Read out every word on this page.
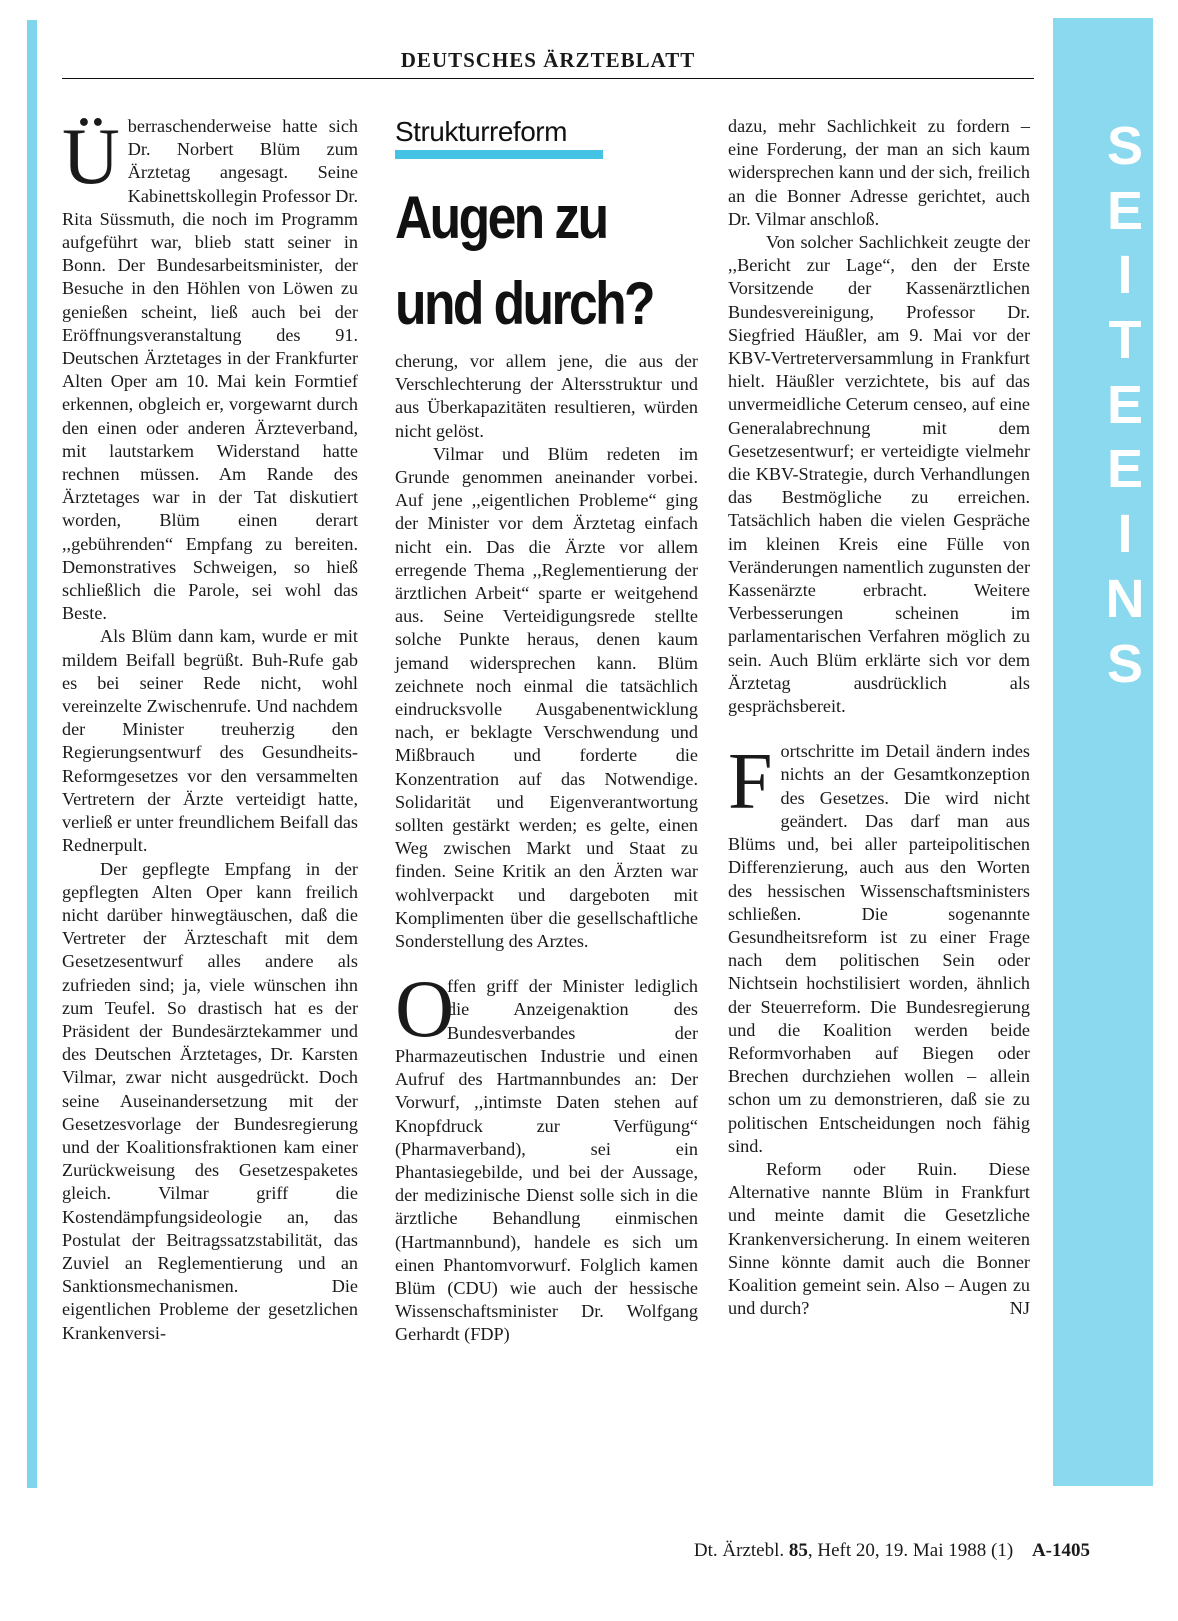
S
E
I
T
E
E
I
N
S
DEUTSCHES ÄRZTEBLATT
Strukturreform
Augen zu
und durch?

Überraschenderweise hatte sich Dr. Norbert Blüm zum Ärztetag angesagt. Seine Kabinettskollegin Professor Dr. Rita Süssmuth, die noch im Programm aufgeführt war, blieb statt seiner in Bonn. Der Bundesarbeitsminister, der Besuche in den Höhlen von Löwen zu genießen scheint, ließ auch bei der Eröffnungsveranstaltung des 91. Deutschen Ärztetages in der Frankfurter Alten Oper am 10. Mai kein Formtief erkennen, obgleich er, vorgewarnt durch den einen oder anderen Ärzteverband, mit lautstarkem Widerstand hatte rechnen müssen. Am Rande des Ärztetages war in der Tat diskutiert worden, Blüm einen derart ,,gebührenden“ Empfang zu bereiten. Demonstratives Schweigen, so hieß schließlich die Parole, sei wohl das Beste.

Als Blüm dann kam, wurde er mit mildem Beifall begrüßt. Buh-Rufe gab es bei seiner Rede nicht, wohl vereinzelte Zwischenrufe. Und nachdem der Minister treuherzig den Regierungsentwurf des Gesundheits-Reformgesetzes vor den versammelten Vertretern der Ärzte verteidigt hatte, verließ er unter freundlichem Beifall das Rednerpult.

Der gepflegte Empfang in der gepflegten Alten Oper kann freilich nicht darüber hinwegtäuschen, daß die Vertreter der Ärzteschaft mit dem Gesetzesentwurf alles andere als zufrieden sind; ja, viele wünschen ihn zum Teufel. So drastisch hat es der Präsident der Bundesärztekammer und des Deutschen Ärztetages, Dr. Karsten Vilmar, zwar nicht ausgedrückt. Doch seine Auseinandersetzung mit der Gesetzesvorlage der Bundesregierung und der Koalitionsfraktionen kam einer Zurückweisung des Gesetzespaketes gleich. Vilmar griff die Kostendämpfungsideologie an, das Postulat der Beitragssatzstabilität, das Zuviel an Reglementierung und an Sanktionsmechanismen. Die eigentlichen Probleme der gesetzlichen Krankenversi-

cherung, vor allem jene, die aus der Verschlechterung der Altersstruktur und aus Überkapazitäten resultieren, würden nicht gelöst.

Vilmar und Blüm redeten im Grunde genommen aneinander vorbei. Auf jene ,,eigentlichen Probleme“ ging der Minister vor dem Ärztetag einfach nicht ein. Das die Ärzte vor allem erregende Thema ,,Reglementierung der ärztlichen Arbeit“ sparte er weitgehend aus. Seine Verteidigungsrede stellte solche Punkte heraus, denen kaum jemand widersprechen kann. Blüm zeichnete noch einmal die tatsächlich eindrucksvolle Ausgabenentwicklung nach, er beklagte Verschwendung und Mißbrauch und forderte die Konzentration auf das Notwendige. Solidarität und Eigenverantwortung sollten gestärkt werden; es gelte, einen Weg zwischen Markt und Staat zu finden. Seine Kritik an den Ärzten war wohlverpackt und dargeboten mit Komplimenten über die gesellschaftliche Sonderstellung des Arztes.

O
ffen griff der Minister lediglich die Anzeigenaktion des Bundesverbandes der Pharmazeutischen Industrie und einen Aufruf des Hartmannbundes an: Der Vorwurf, ,,intimste Daten stehen auf Knopfdruck zur Verfügung“ (Pharmaverband), sei ein Phantasiegebilde, und bei der Aussage, der medizinische Dienst solle sich in die ärztliche Behandlung einmischen (Hartmannbund), handele es sich um einen Phantomvorwurf. Folglich kamen Blüm (CDU) wie auch der hessische Wissenschaftsminister Dr. Wolfgang Gerhardt (FDP)

dazu, mehr Sachlichkeit zu fordern – eine Forderung, der man an sich kaum widersprechen kann und der sich, freilich an die Bonner Adresse gerichtet, auch Dr. Vilmar anschloß.

Von solcher Sachlichkeit zeugte der ,,Bericht zur Lage“, den der Erste Vorsitzende der Kassenärztlichen Bundesvereinigung, Professor Dr. Siegfried Häußler, am 9. Mai vor der KBV-Vertreterversammlung in Frankfurt hielt. Häußler verzichtete, bis auf das unvermeidliche Ceterum censeo, auf eine Generalabrechnung mit dem Gesetzesentwurf; er verteidigte vielmehr die KBV-Strategie, durch Verhandlungen das Bestmögliche zu erreichen. Tatsächlich haben die vielen Gespräche im kleinen Kreis eine Fülle von Veränderungen namentlich zugunsten der Kassenärzte erbracht. Weitere Verbesserungen scheinen im parlamentarischen Verfahren möglich zu sein. Auch Blüm erklärte sich vor dem Ärztetag ausdrücklich als gesprächsbereit.

Fortschritte im Detail ändern indes nichts an der Gesamtkonzeption des Gesetzes. Die wird nicht geändert. Das darf man aus Blüms und, bei aller parteipolitischen Differenzierung, auch aus den Worten des hessischen Wissenschaftsministers schließen. Die sogenannte Gesundheitsreform ist zu einer Frage nach dem politischen Sein oder Nichtsein hochstilisiert worden, ähnlich der Steuerreform. Die Bundesregierung und die Koalition werden beide Reformvorhaben auf Biegen oder Brechen durchziehen wollen – allein schon um zu demonstrieren, daß sie zu politischen Entscheidungen noch fähig sind.

Reform oder Ruin. Diese Alternative nannte Blüm in Frankfurt und meinte damit die Gesetzliche Krankenversicherung. In einem weiteren Sinne könnte damit auch die Bonner Koalition gemeint sein. Also – Augen zu und durch?	NJ

Dt. Ärztebl. 85, Heft 20, 19. Mai 1988 (1) A-1405
